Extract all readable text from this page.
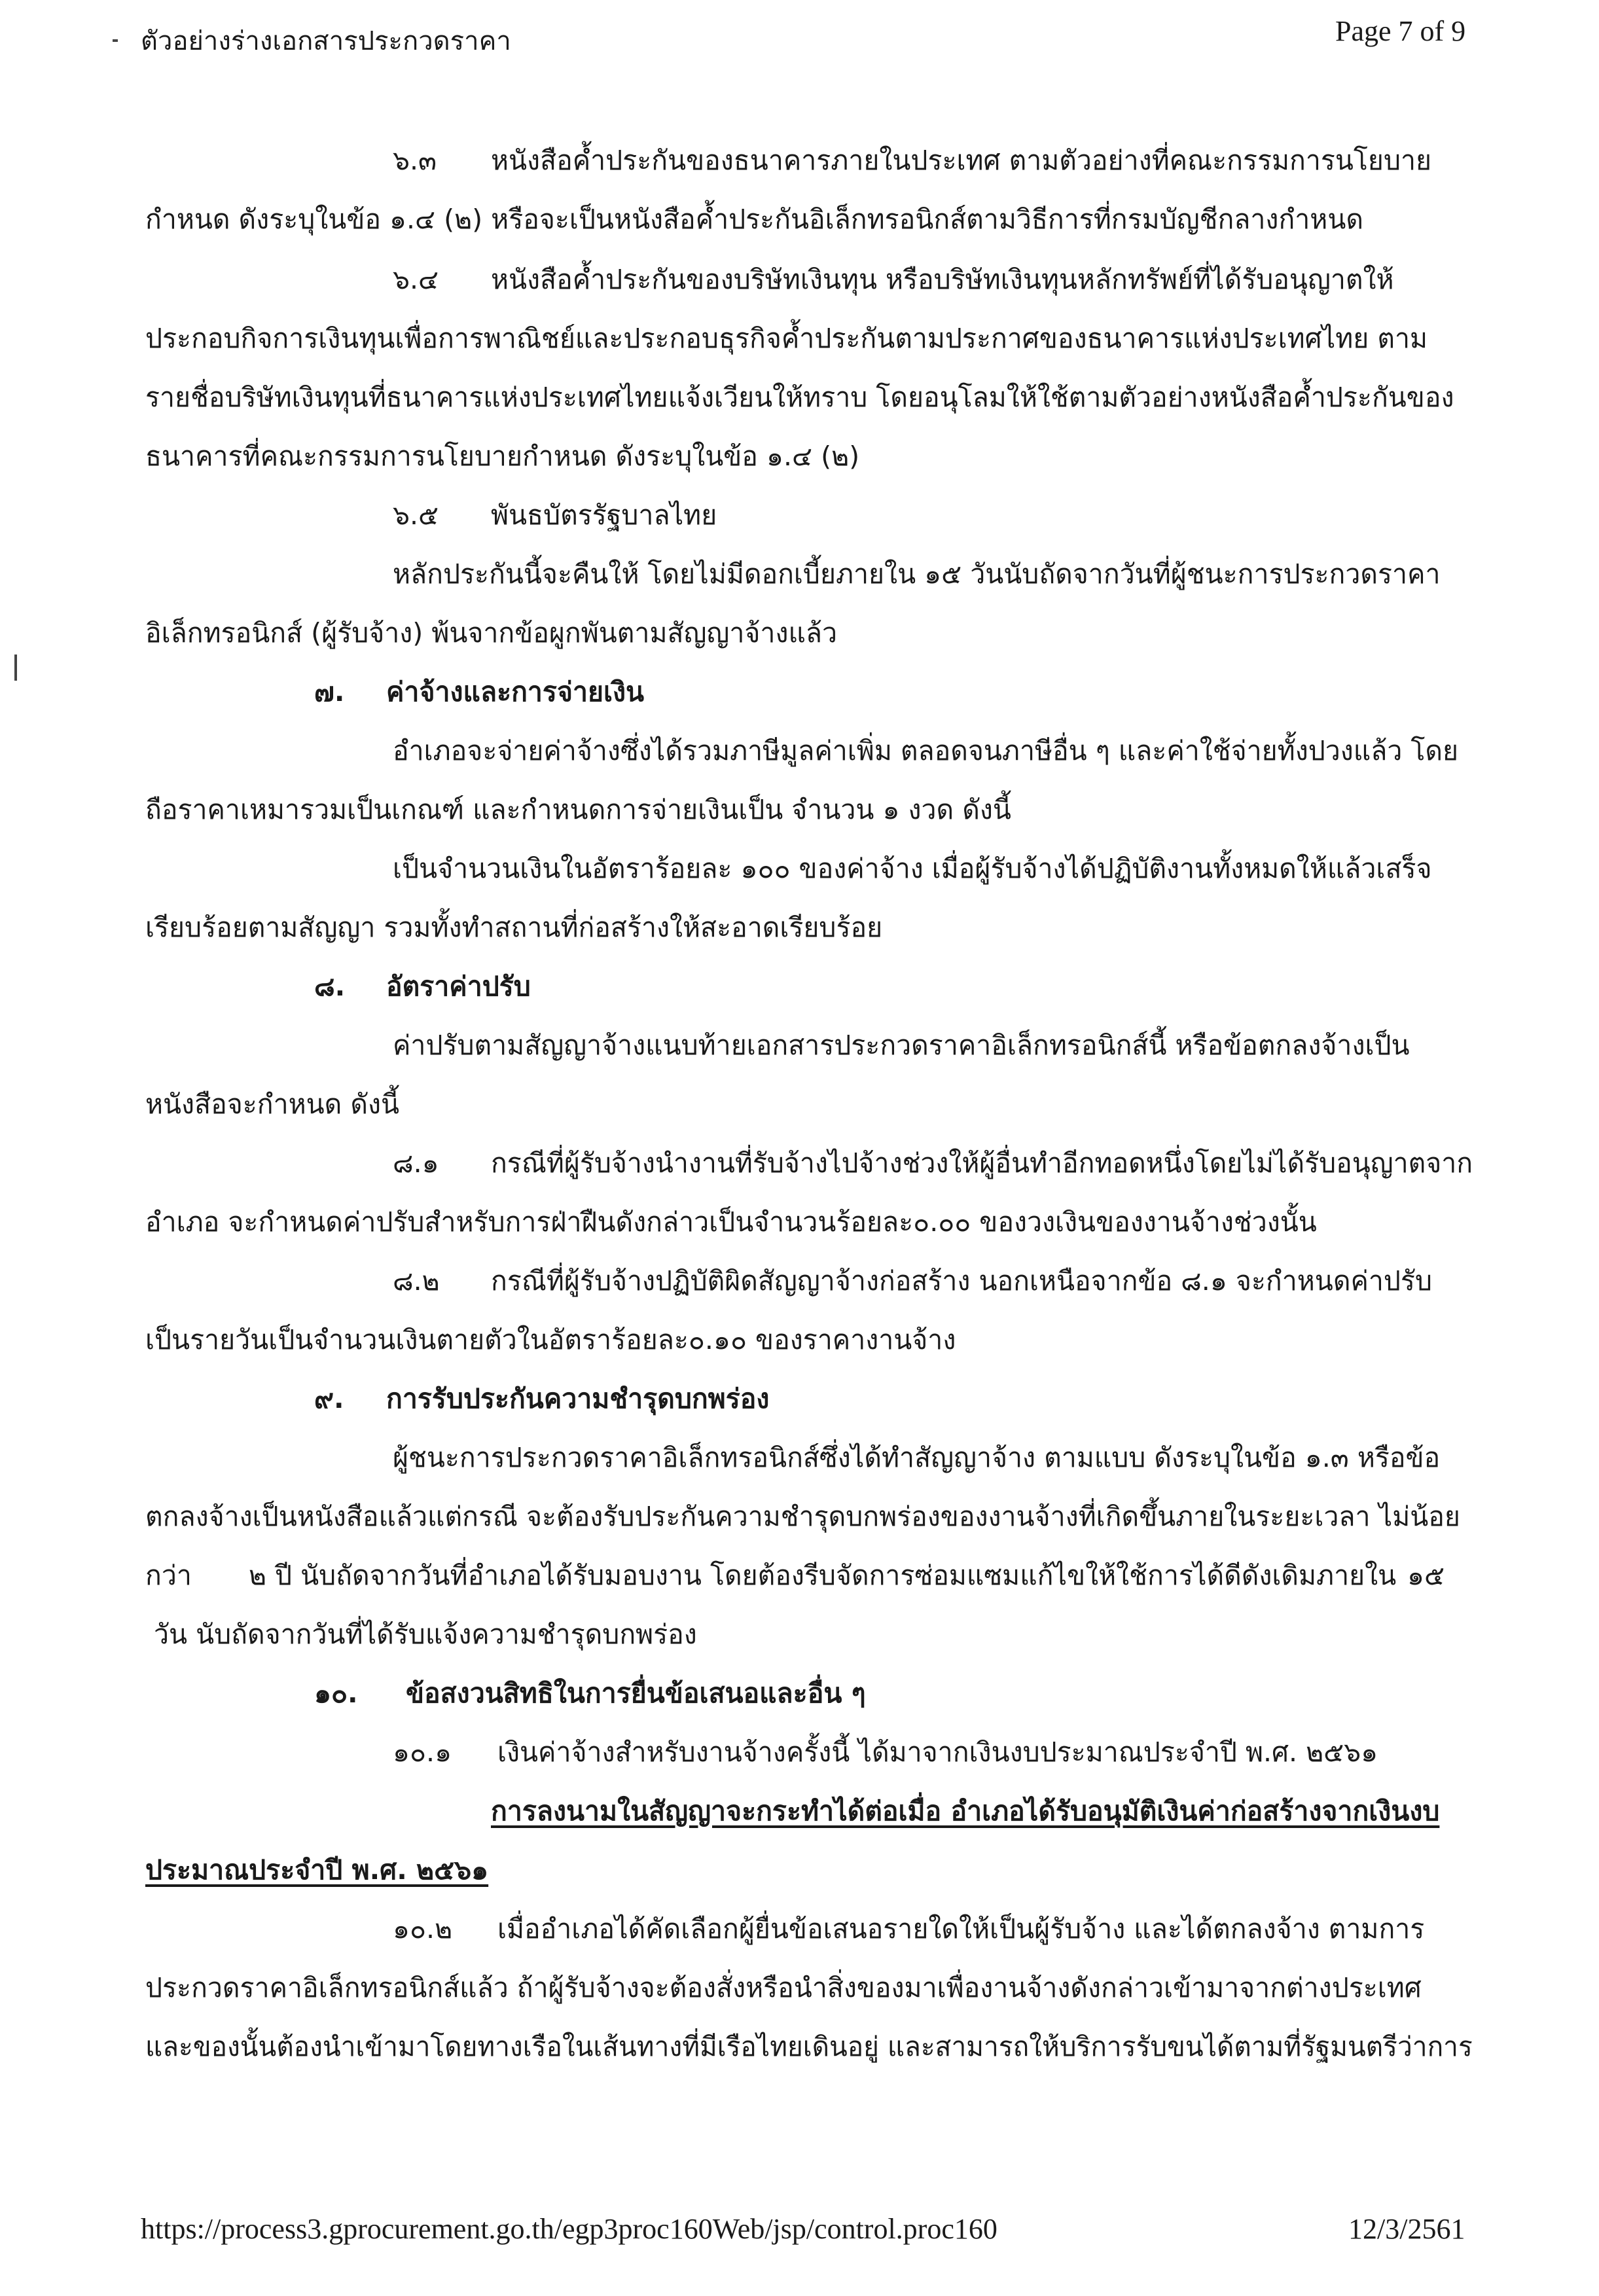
ตัวอย่างร่างเอกสารประกวดราคา	Page 7 of 9
๖.๓ หนังสือค้ำประกันของธนาคารภายในประเทศ ตามตัวอย่างที่คณะกรรมการนโยบาย
กำหนด ดังระบุในข้อ ๑.๔ (๒) หรือจะเป็นหนังสือค้ำประกันอิเล็กทรอนิกส์ตามวิธีการที่กรมบัญชีกลางกำหนด
๖.๔ หนังสือค้ำประกันของบริษัทเงินทุน หรือบริษัทเงินทุนหลักทรัพย์ที่ได้รับอนุญาตให้
ประกอบกิจการเงินทุนเพื่อการพาณิชย์และประกอบธุรกิจค้ำประกันตามประกาศของธนาคารแห่งประเทศไทย ตาม
รายชื่อบริษัทเงินทุนที่ธนาคารแห่งประเทศไทยแจ้งเวียนให้ทราบ โดยอนุโลมให้ใช้ตามตัวอย่างหนังสือค้ำประกันของ
ธนาคารที่คณะกรรมการนโยบายกำหนด ดังระบุในข้อ ๑.๔ (๒)
๖.๕ พันธบัตรรัฐบาลไทย
หลักประกันนี้จะคืนให้ โดยไม่มีดอกเบี้ยภายใน ๑๕ วันนับถัดจากวันที่ผู้ชนะการประกวดราคา
อิเล็กทรอนิกส์ (ผู้รับจ้าง) พ้นจากข้อผูกพันตามสัญญาจ้างแล้ว
๗. ค่าจ้างและการจ่ายเงิน
อำเภอจะจ่ายค่าจ้างซึ่งได้รวมภาษีมูลค่าเพิ่ม ตลอดจนภาษีอื่น ๆ และค่าใช้จ่ายทั้งปวงแล้ว โดย
ถือราคาเหมารวมเป็นเกณฑ์ และกำหนดการจ่ายเงินเป็น จำนวน ๑ งวด ดังนี้
เป็นจำนวนเงินในอัตราร้อยละ ๑๐๐ ของค่าจ้าง เมื่อผู้รับจ้างได้ปฏิบัติงานทั้งหมดให้แล้วเสร็จ
เรียบร้อยตามสัญญา รวมทั้งทำสถานที่ก่อสร้างให้สะอาดเรียบร้อย
๘. อัตราค่าปรับ
ค่าปรับตามสัญญาจ้างแนบท้ายเอกสารประกวดราคาอิเล็กทรอนิกส์นี้ หรือข้อตกลงจ้างเป็น
หนังสือจะกำหนด ดังนี้
๘.๑ กรณีที่ผู้รับจ้างนำงานที่รับจ้างไปจ้างช่วงให้ผู้อื่นทำอีกทอดหนึ่งโดยไม่ได้รับอนุญาตจาก
อำเภอ จะกำหนดค่าปรับสำหรับการฝ่าฝืนดังกล่าวเป็นจำนวนร้อยละ๐.๐๐ ของวงเงินของงานจ้างช่วงนั้น
๘.๒ กรณีที่ผู้รับจ้างปฏิบัติผิดสัญญาจ้างก่อสร้าง นอกเหนือจากข้อ ๘.๑ จะกำหนดค่าปรับ
เป็นรายวันเป็นจำนวนเงินตายตัวในอัตราร้อยละ๐.๑๐ ของราคางานจ้าง
๙. การรับประกันความชำรุดบกพร่อง
ผู้ชนะการประกวดราคาอิเล็กทรอนิกส์ซึ่งได้ทำสัญญาจ้าง ตามแบบ ดังระบุในข้อ ๑.๓ หรือข้อ
ตกลงจ้างเป็นหนังสือแล้วแต่กรณี จะต้องรับประกันความชำรุดบกพร่องของงานจ้างที่เกิดขึ้นภายในระยะเวลา ไม่น้อย
กว่า ๒ ปี นับถัดจากวันที่อำเภอได้รับมอบงาน โดยต้องรีบจัดการซ่อมแซมแก้ไขให้ใช้การได้ดีดังเดิมภายใน ๑๕
วัน นับถัดจากวันที่ได้รับแจ้งความชำรุดบกพร่อง
๑๐. ข้อสงวนสิทธิในการยื่นข้อเสนอและอื่น ๆ
๑๐.๑ เงินค่าจ้างสำหรับงานจ้างครั้งนี้ ได้มาจากเงินงบประมาณประจำปี พ.ศ. ๒๕๖๑
การลงนามในสัญญาจะกระทำได้ต่อเมื่อ อำเภอได้รับอนุมัติเงินค่าก่อสร้างจากเงินงบ
ประมาณประจำปี พ.ศ. ๒๕๖๑
๑๐.๒ เมื่ออำเภอได้คัดเลือกผู้ยื่นข้อเสนอรายใดให้เป็นผู้รับจ้าง และได้ตกลงจ้าง ตามการ
ประกวดราคาอิเล็กทรอนิกส์แล้ว ถ้าผู้รับจ้างจะต้องสั่งหรือนำสิ่งของมาเพื่องานจ้างดังกล่าวเข้ามาจากต่างประเทศ
และของนั้นต้องนำเข้ามาโดยทางเรือในเส้นทางที่มีเรือไทยเดินอยู่ และสามารถให้บริการรับขนได้ตามที่รัฐมนตรีว่าการ
https://process3.gprocurement.go.th/egp3proc160Web/jsp/control.proc160	12/3/2561
